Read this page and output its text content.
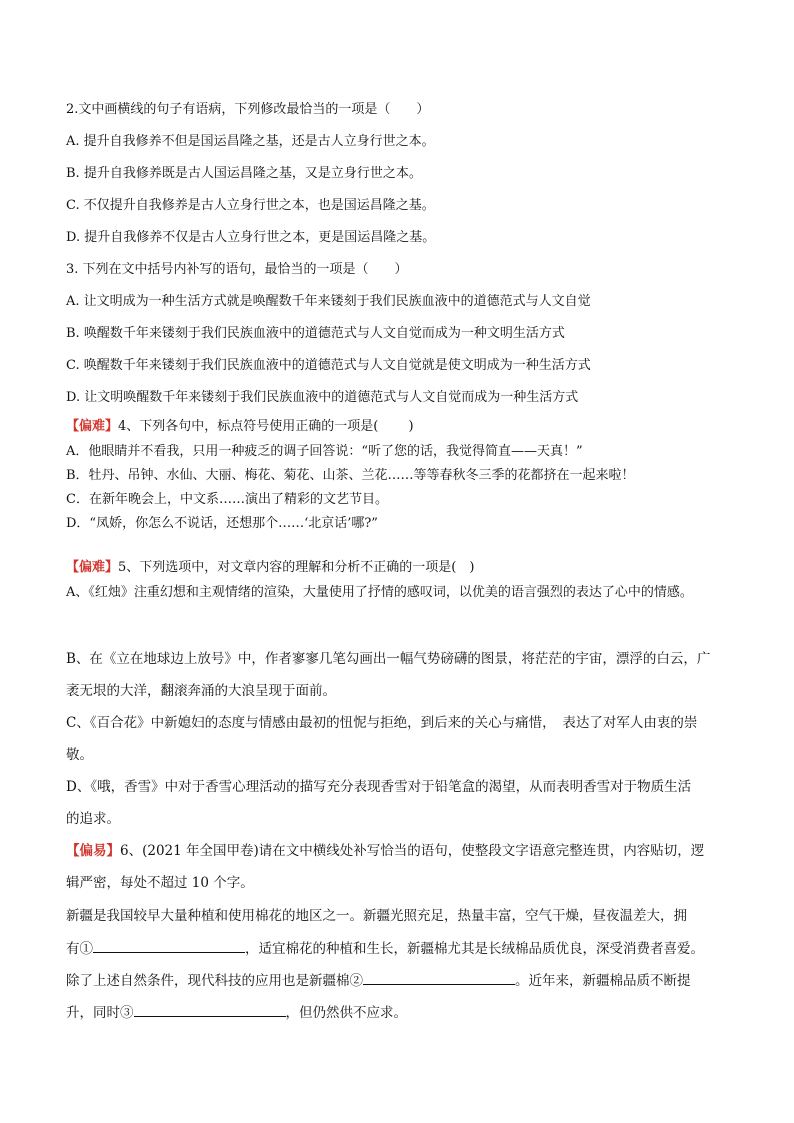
2.文中画横线的句子有语病，下列修改最恰当的一项是（　　）
A. 提升自我修养不但是国运昌隆之基，还是古人立身行世之本。
B. 提升自我修养既是古人国运昌隆之基，又是立身行世之本。
C. 不仅提升自我修养是古人立身行世之本，也是国运昌隆之基。
D. 提升自我修养不仅是古人立身行世之本，更是国运昌隆之基。
3. 下列在文中括号内补写的语句，最恰当的一项是（　　）
A. 让文明成为一种生活方式就是唤醒数千年来镂刻于我们民族血液中的道德范式与人文自觉
B. 唤醒数千年来镂刻于我们民族血液中的道德范式与人文自觉而成为一种文明生活方式
C. 唤醒数千年来镂刻于我们民族血液中的道德范式与人文自觉就是使文明成为一种生活方式
D. 让文明唤醒数千年来镂刻于我们民族血液中的道德范式与人文自觉而成为一种生活方式
【偏难】4、下列各句中，标点符号使用正确的一项是(　　 )
A．他眼睛并不看我，只用一种疲乏的调子回答说：“听了您的话，我觉得简直——天真！”
B．牡丹、吊钟、水仙、大丽、梅花、菊花、山茶、兰花……等等春秋冬三季的花都挤在一起来啦！
C．在新年晚会上，中文系……演出了精彩的文艺节目。
D．“凤娇，你怎么不说话，还想那个……‘北京话’哪?”
【偏难】5、下列选项中，对文章内容的理解和分析不正确的一项是(　)
A、《红烛》注重幻想和主观情绪的渲染，大量使用了抒情的感叹词，以优美的语言强烈的表达了心中的情感。
B、在《立在地球边上放号》中，作者寥寥几笔勾画出一幅气势磅礴的图景，将茫茫的宇宙，漂浮的白云，广
袤无垠的大洋，翻滚奔涌的大浪呈现于面前。
C、《百合花》中新媳妇的态度与情感由最初的忸怩与拒绝，到后来的关心与痛惜，　表达了对军人由衷的崇
敬。
D、《哦，香雪》中对于香雪心理活动的描写充分表现香雪对于铅笔盒的渴望，从而表明香雪对于物质生活
的追求。
【偏易】6、(2021 年全国甲卷)请在文中横线处补写恰当的语句，使整段文字语意完整连贯，内容贴切，逻
辑严密，每处不超过 10 个字。
新疆是我国较早大量种植和使用棉花的地区之一。新疆光照充足，热量丰富，空气干燥，昼夜温差大，拥
有①	，适宜棉花的种植和生长，新疆棉尤其是长绒棉品质优良，深受消费者喜爱。
除了上述自然条件，现代科技的应用也是新疆棉②	。近年来，新疆棉品质不断提
升，同时③	，但仍然供不应求。
